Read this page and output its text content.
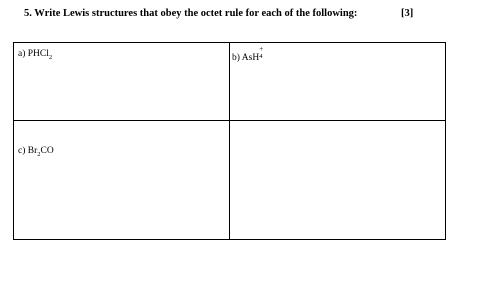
5. Write Lewis structures that obey the octet rule for each of the following:	[3]
a) PHCl$_2$	b) AsH
+
4
c) $Br_2CO$
